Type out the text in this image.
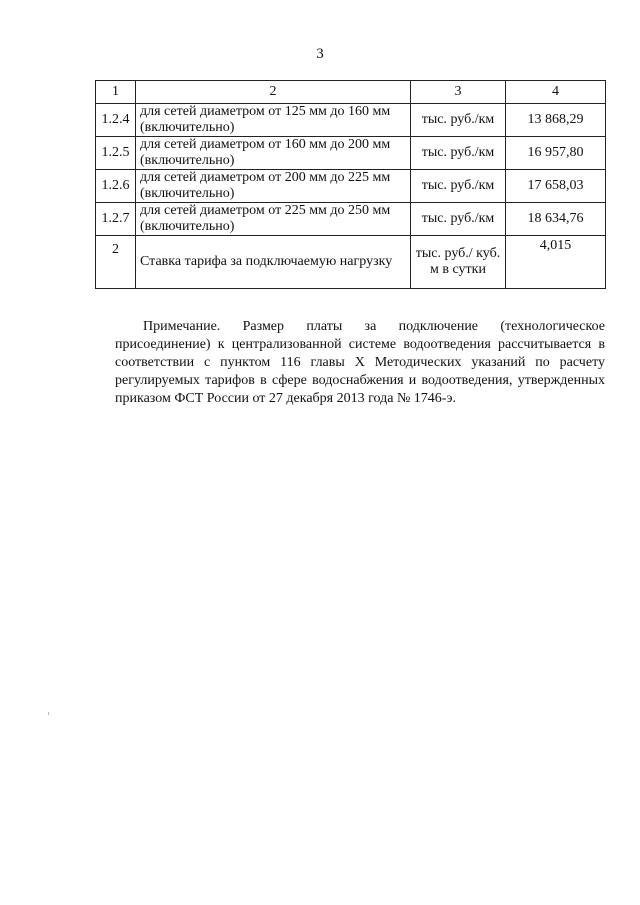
3
1	2	3	4
1.2.4	для сетей диаметром от 125 мм до 160 мм (включительно)	тыс. руб./км	13 868,29
1.2.5	для сетей диаметром от 160 мм до 200 мм (включительно)	тыс. руб./км	16 957,80
1.2.6	для сетей диаметром от 200 мм до 225 мм (включительно)	тыс. руб./км	17 658,03
1.2.7	для сетей диаметром от 225 мм до 250 мм (включительно)	тыс. руб./км	18 634,76
2	Ставка тарифа за подключаемую нагрузку	тыс. руб./ куб. м в сутки	4,015
Примечание. Размер платы за подключение (технологическое присоединение) к централизованной системе водоотведения рассчитывается в соответствии с пунктом 116 главы X Методических указаний по расчету регулируемых тарифов в сфере водоснабжения и водоотведения, утвержденных приказом ФСТ России от 27 декабря 2013 года № 1746-э.
